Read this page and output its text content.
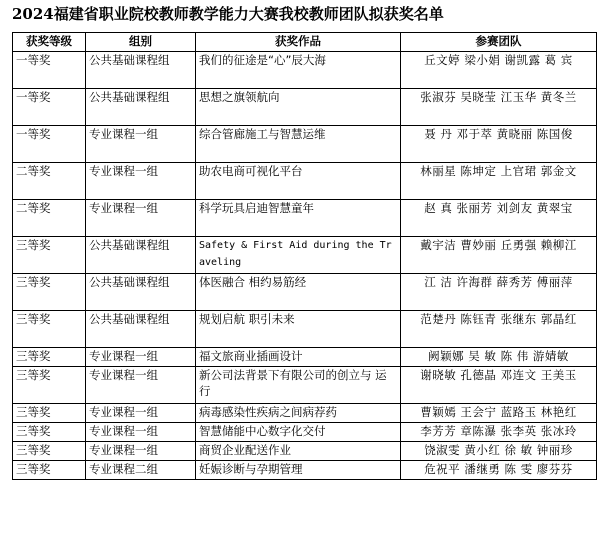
2024福建省职业院校教师教学能力大赛我校教师团队拟获奖名单
获奖等级	组别	获奖作品	参赛团队
一等奖	公共基础课程组	我们的征途是“心”辰大海	丘文婷 梁小娟 谢凯露 葛 宾
一等奖	公共基础课程组	思想之旗领航向	张淑芬 吴晓莹 江玉华 黄冬兰
一等奖	专业课程一组	综合管廊施工与智慧运维	聂 丹 邓于萃 黄晓丽 陈国俊
二等奖	专业课程一组	助农电商可视化平台	林丽星 陈坤定 上官珺 郭金文
二等奖	专业课程一组	科学玩具启迪智慧童年	赵 真 张丽芳 刘剑友 黄翠宝
三等奖	公共基础课程组	Safety & First Aid during the Traveling	戴宇洁 曹妙丽 丘勇强 赖柳江
三等奖	公共基础课程组	体医融合 相约易筋经	江 洁 许海群 薛秀芳 傅丽萍
三等奖	公共基础课程组	规划启航 职引未来	范楚丹 陈钰青 张继东 郭晶红
三等奖	专业课程一组	福文旅商业插画设计	阙颖娜 吴 敏 陈 伟 游婧敏
三等奖	专业课程一组	新公司法背景下有限公司的创立与 运行	谢晓敏 孔德晶 邓连文 王美玉
三等奖	专业课程一组	病毒感染性疾病之间病荐药	曹颖嫣 王会宁 蓝路玉 林艳红
三等奖	专业课程一组	智慧储能中心数字化交付	李芳芳 章陈瀑 张李英 张冰玲
三等奖	专业课程一组	商贸企业配送作业	饶淑雯 黄小红 徐 敏 钟丽珍
三等奖	专业课程二组	妊娠诊断与孕期管理	危祝平 潘继勇 陈 雯 廖芬芬
